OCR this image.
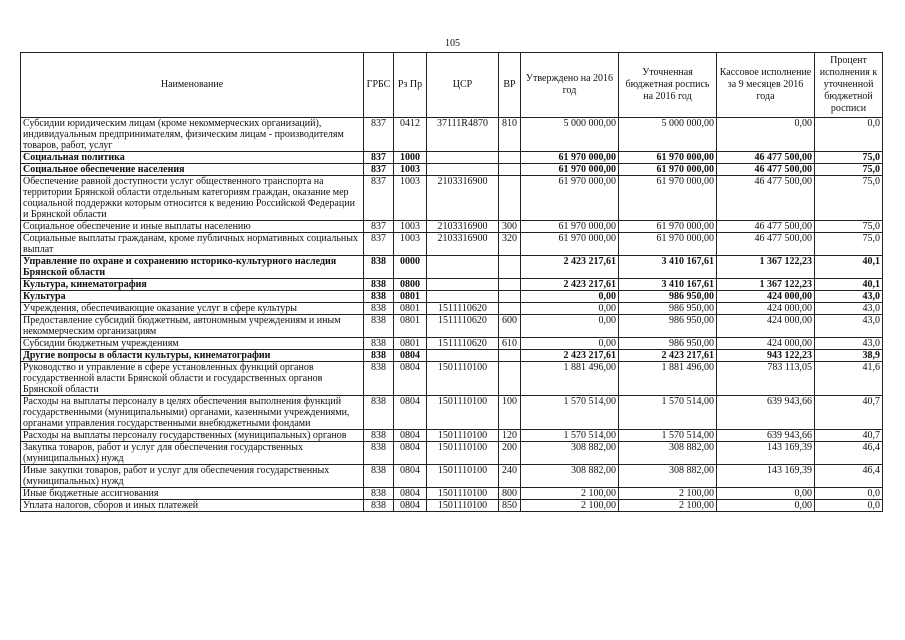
105
Наименование	ГРБС	Рз Пр	ЦСР	ВР	Утверждено на 2016 год	Уточненная бюджетная роспись на 2016 год	Кассовое исполнение за 9 месяцев 2016 года	Процент исполнения к уточненной бюджетной росписи
Субсидии юридическим лицам (кроме некоммерческих организаций), индивидуальным предпринимателям, физическим лицам - производителям товаров, работ, услуг	837	0412	37111R4870	810	5 000 000,00	5 000 000,00	0,00	0,0
Социальная политика	837	1000			61 970 000,00	61 970 000,00	46 477 500,00	75,0
Социальное обеспечение населения	837	1003			61 970 000,00	61 970 000,00	46 477 500,00	75,0
Обеспечение равной доступности услуг общественного транспорта на территории Брянской области отдельным категориям граждан, оказание мер социальной поддержки которым относится к ведению Российской Федерации и Брянской области	837	1003	2103316900		61 970 000,00	61 970 000,00	46 477 500,00	75,0
Социальное обеспечение и иные выплаты населению	837	1003	2103316900	300	61 970 000,00	61 970 000,00	46 477 500,00	75,0
Социальные выплаты гражданам, кроме публичных нормативных социальных выплат	837	1003	2103316900	320	61 970 000,00	61 970 000,00	46 477 500,00	75,0
Управление по охране и сохранению историко-культурного наследия Брянской области	838	0000			2 423 217,61	3 410 167,61	1 367 122,23	40,1
Культура, кинематография	838	0800			2 423 217,61	3 410 167,61	1 367 122,23	40,1
Культура	838	0801			0,00	986 950,00	424 000,00	43,0
Учреждения, обеспечивающие оказание услуг в сфере культуры	838	0801	1511110620		0,00	986 950,00	424 000,00	43,0
Предоставление субсидий бюджетным, автономным учреждениям и иным некоммерческим организациям	838	0801	1511110620	600	0,00	986 950,00	424 000,00	43,0
Субсидии бюджетным учреждениям	838	0801	1511110620	610	0,00	986 950,00	424 000,00	43,0
Другие вопросы в области культуры, кинематографии	838	0804			2 423 217,61	2 423 217,61	943 122,23	38,9
Руководство и управление в сфере установленных функций органов государственной власти Брянской области и государственных органов Брянской области	838	0804	1501110100		1 881 496,00	1 881 496,00	783 113,05	41,6
Расходы на выплаты персоналу в целях обеспечения выполнения функций государственными (муниципальными) органами, казенными учреждениями, органами управления государственными внебюджетными фондами	838	0804	1501110100	100	1 570 514,00	1 570 514,00	639 943,66	40,7
Расходы на выплаты персоналу государственных (муниципальных) органов	838	0804	1501110100	120	1 570 514,00	1 570 514,00	639 943,66	40,7
Закупка товаров, работ и услуг для обеспечения государственных (муниципальных) нужд	838	0804	1501110100	200	308 882,00	308 882,00	143 169,39	46,4
Иные закупки товаров, работ и услуг для обеспечения государственных (муниципальных) нужд	838	0804	1501110100	240	308 882,00	308 882,00	143 169,39	46,4
Иные бюджетные ассигнования	838	0804	1501110100	800	2 100,00	2 100,00	0,00	0,0
Уплата налогов, сборов и иных платежей	838	0804	1501110100	850	2 100,00	2 100,00	0,00	0,0
